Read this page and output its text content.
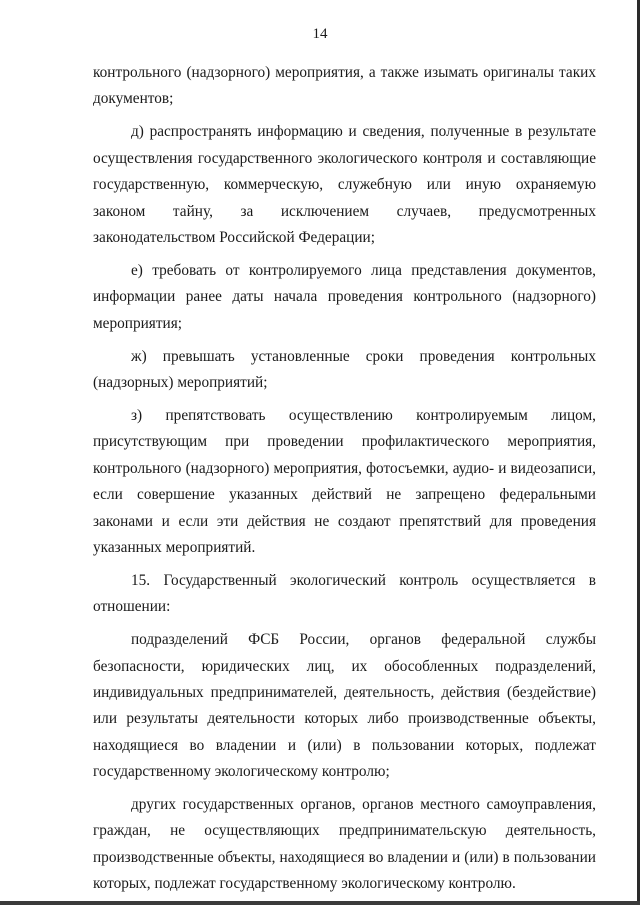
14

контрольного (надзорного) мероприятия, а также изымать оригиналы таких документов;

д) распространять информацию и сведения, полученные в результате осуществления государственного экологического контроля и составляющие государственную, коммерческую, служебную или иную охраняемую законом тайну, за исключением случаев, предусмотренных законодательством Российской Федерации;

е) требовать от контролируемого лица представления документов, информации ранее даты начала проведения контрольного (надзорного) мероприятия;

ж) превышать установленные сроки проведения контрольных (надзорных) мероприятий;

з) препятствовать осуществлению контролируемым лицом, присутствующим при проведении профилактического мероприятия, контрольного (надзорного) мероприятия, фотосъемки, аудио- и видеозаписи, если совершение указанных действий не запрещено федеральными законами и если эти действия не создают препятствий для проведения указанных мероприятий.

15. Государственный экологический контроль осуществляется в отношении:

подразделений ФСБ России, органов федеральной службы безопасности, юридических лиц, их обособленных подразделений, индивидуальных предпринимателей, деятельность, действия (бездействие) или результаты деятельности которых либо производственные объекты, находящиеся во владении и (или) в пользовании которых, подлежат государственному экологическому контролю;

других государственных органов, органов местного самоуправления, граждан, не осуществляющих предпринимательскую деятельность, производственные объекты, находящиеся во владении и (или) в пользовании которых, подлежат государственному экологическому контролю.
